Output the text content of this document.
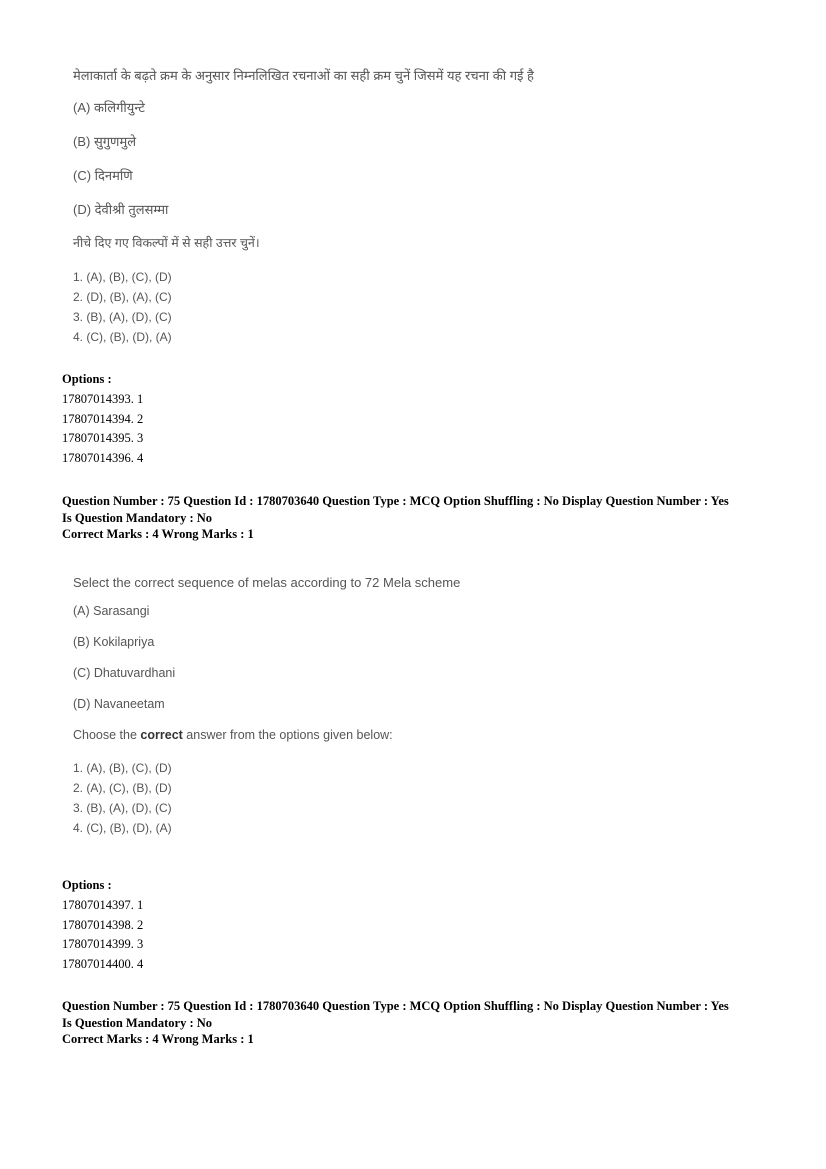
मेलाकार्ता के बढ़ते क्रम के अनुसार निम्नलिखित रचनाओं का सही क्रम चुनें जिसमें यह रचना की गई है

(A) कलिगीयुन्टे

(B) सुगुणमुले

(C) दिनमणि

(D) देवीश्री तुलसम्मा

नीचे दिए गए विकल्पों में से सही उत्तर चुनें।

1. (A), (B), (C), (D)

2. (D), (B), (A), (C)

3. (B), (A), (D), (C)

4. (C), (B), (D), (A)

Options :
17807014393. 1
17807014394. 2
17807014395. 3
17807014396. 4
Question Number : 75 Question Id : 1780703640 Question Type : MCQ Option Shuffling : No Display Question Number : Yes
Is Question Mandatory : No
Correct Marks : 4 Wrong Marks : 1

Select the correct sequence of melas according to 72 Mela scheme

(A) Sarasangi

(B) Kokilapriya

(C) Dhatuvardhani

(D) Navaneetam

Choose the correct answer from the options given below:

1. (A), (B), (C), (D)

2. (A), (C), (B), (D)

3. (B), (A), (D), (C)

4. (C), (B), (D), (A)

Options :
17807014397. 1
17807014398. 2
17807014399. 3
17807014400. 4
Question Number : 75 Question Id : 1780703640 Question Type : MCQ Option Shuffling : No Display Question Number : Yes
Is Question Mandatory : No
Correct Marks : 4 Wrong Marks : 1
